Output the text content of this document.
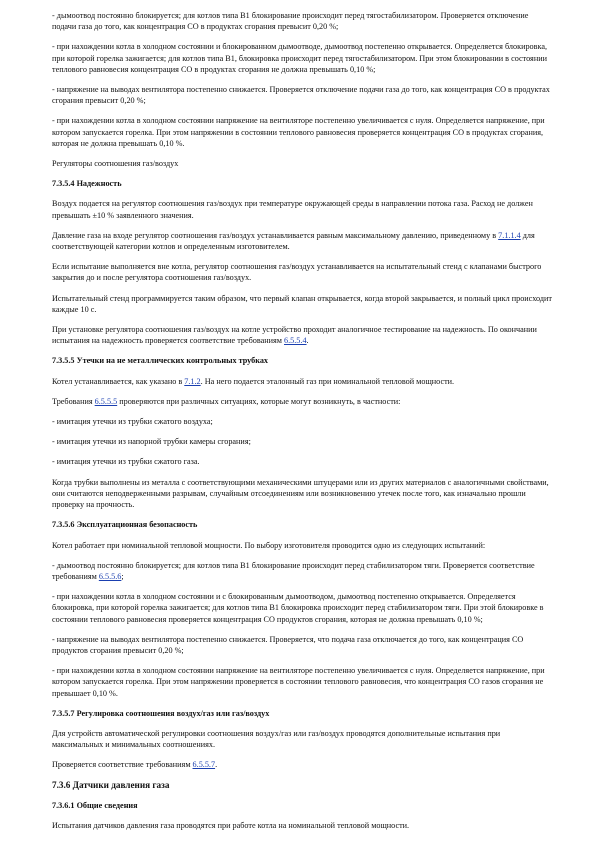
- дымоотвод постоянно блокируется; для котлов типа B1 блокирование происходит перед тягостабилизатором. Проверяется отключение подачи газа до того, как концентрация CO в продуктах сгорания превысит 0,20 %;

- при нахождении котла в холодном состоянии и блокированном дымоотводе, дымоотвод постепенно открывается. Определяется блокировка, при которой горелка зажигается; для котлов типа B1, блокировка происходит перед тягостабилизатором. При этом блокировании в состоянии теплового равновесия концентрация CO в продуктах сгорания не должна превышать 0,10 %;

- напряжение на выводах вентилятора постепенно снижается. Проверяется отключение подачи газа до того, как концентрация CO в продуктах сгорания превысит 0,20 %;

- при нахождении котла в холодном состоянии напряжение на вентиляторе постепенно увеличивается с нуля. Определяется напряжение, при котором запускается горелка. При этом напряжении в состоянии теплового равновесия проверяется концентрация CO в продуктах сгорания, которая не должна превышать 0,10 %.

Регуляторы соотношения газ/воздух

7.3.5.4 Надежность

Воздух подается на регулятор соотношения газ/воздух при температуре окружающей среды в направлении потока газа. Расход не должен превышать ±10 % заявленного значения.

Давление газа на входе регулятор соотношения газ/воздух устанавливается равным максимальному давлению, приведенному в 7.1.1.4 для соответствующей категории котлов и определенным изготовителем.

Если испытание выполняется вне котла, регулятор соотношения газ/воздух устанавливается на испытательный стенд с клапанами быстрого закрытия до и после регулятора соотношения газ/воздух.

Испытательный стенд программируется таким образом, что первый клапан открывается, когда второй закрывается, и полный цикл происходит каждые 10 с.

При установке регулятора соотношения газ/воздух на котле устройство проходит аналогичное тестирование на надежность. По окончании испытания на надежность проверяется соответствие требованиям 6.5.5.4.

7.3.5.5 Утечки на не металлических контрольных трубках

Котел устанавливается, как указано в 7.1.2. На него подается эталонный газ при номинальной тепловой мощности.

Требования 6.5.5.5 проверяются при различных ситуациях, которые могут возникнуть, в частности:

- имитация утечки из трубки сжатого воздуха;

- имитация утечки из напорной трубки камеры сгорания;

- имитация утечки из трубки сжатого газа.

Когда трубки выполнены из металла с соответствующими механическими штуцерами или из других материалов с аналогичными свойствами, они считаются неподверженными разрывам, случайным отсоединениям или возникновению утечек после того, как изначально прошли проверку на прочность.

7.3.5.6 Эксплуатационная безопасность

Котел работает при номинальной тепловой мощности. По выбору изготовителя проводится одно из следующих испытаний:

- дымоотвод постоянно блокируется; для котлов типа B1 блокирование происходит перед стабилизатором тяги. Проверяется соответствие требованиям 6.5.5.6;

- при нахождении котла в холодном состоянии и с блокированным дымоотводом, дымоотвод постепенно открывается. Определяется блокировка, при которой горелка зажигается; для котлов типа B1 блокировка происходит перед стабилизатором тяги. При этой блокировке в состоянии теплового равновесия проверяется концентрация CO продуктов сгорания, которая не должна превышать 0,10 %;

- напряжение на выводах вентилятора постепенно снижается. Проверяется, что подача газа отключается до того, как концентрация CO продуктов сгорания превысит 0,20 %;

- при нахождении котла в холодном состоянии напряжение на вентиляторе постепенно увеличивается с нуля. Определяется напряжение, при котором запускается горелка. При этом напряжении проверяется в состоянии теплового равновесия, что концентрация CO газов сгорания не превышает 0,10 %.

7.3.5.7 Регулировка соотношения воздух/газ или газ/воздух

Для устройств автоматической регулировки соотношения воздух/газ или газ/воздух проводятся дополнительные испытания при максимальных и минимальных соотношениях.

Проверяется соответствие требованиям 6.5.5.7.

7.3.6 Датчики давления газа

7.3.6.1 Общие сведения

Испытания датчиков давления газа проводятся при работе котла на номинальной тепловой мощности.
